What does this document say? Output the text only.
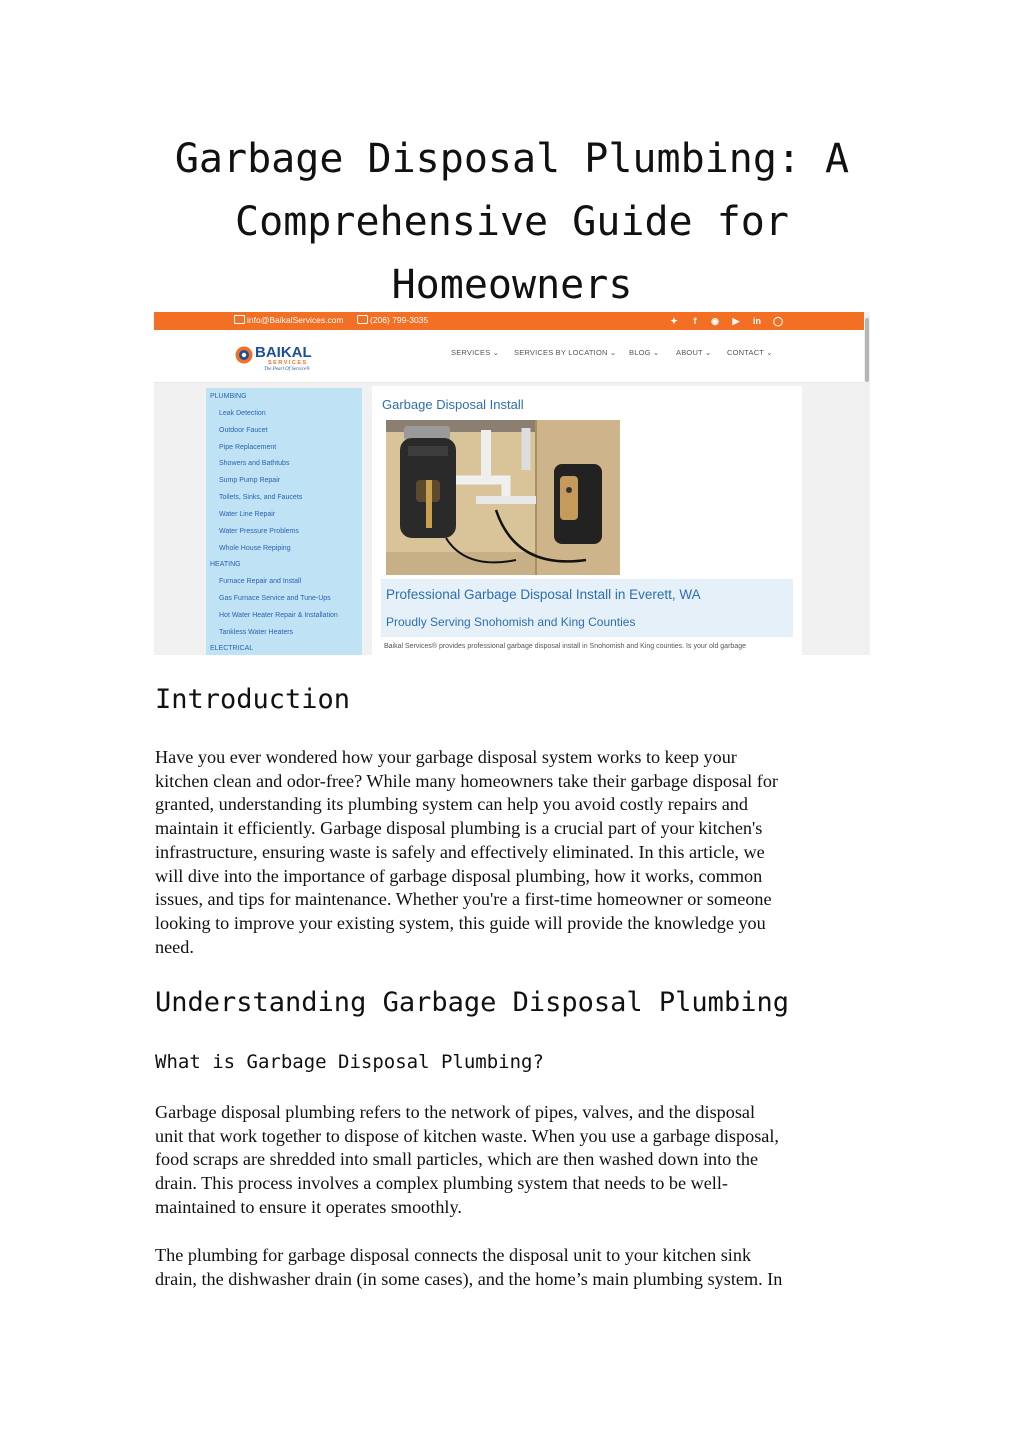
Garbage Disposal Plumbing: A
Comprehensive Guide for
Homeowners
info@BaikalServices.com	(206) 799-3035	✦	f	◉	▶	in	◯
BAIKAL
SERVICES
The Pearl Of Service®
SERVICES ⌄ SERVICES BY LOCATION ⌄ BLOG ⌄ ABOUT ⌄ CONTACT ⌄
PLUMBING
Leak Detection
Outdoor Faucet
Pipe Replacement
Showers and Bathtubs
Sump Pump Repair
Toilets, Sinks, and Faucets
Water Line Repair
Water Pressure Problems
Whole House Repiping
HEATING
Furnace Repair and Install
Gas Furnace Service and Tune-Ups
Hot Water Heater Repair & Installation
Tankless Water Heaters
ELECTRICAL
Garbage Disposal Install
Professional Garbage Disposal Install in Everett, WA
Proudly Serving Snohomish and King Counties
Baikal Services® provides professional garbage disposal install in Snohomish and King counties. Is your old garbage
Introduction

Have you ever wondered how your garbage disposal system works to keep your
kitchen clean and odor-free? While many homeowners take their garbage disposal for
granted, understanding its plumbing system can help you avoid costly repairs and
maintain it efficiently. Garbage disposal plumbing is a crucial part of your kitchen's
infrastructure, ensuring waste is safely and effectively eliminated. In this article, we
will dive into the importance of garbage disposal plumbing, how it works, common
issues, and tips for maintenance. Whether you're a first-time homeowner or someone
looking to improve your existing system, this guide will provide the knowledge you
need.

Understanding Garbage Disposal Plumbing
What is Garbage Disposal Plumbing?

Garbage disposal plumbing refers to the network of pipes, valves, and the disposal
unit that work together to dispose of kitchen waste. When you use a garbage disposal,
food scraps are shredded into small particles, which are then washed down into the
drain. This process involves a complex plumbing system that needs to be well-
maintained to ensure it operates smoothly.

The plumbing for garbage disposal connects the disposal unit to your kitchen sink
drain, the dishwasher drain (in some cases), and the home’s main plumbing system. In
